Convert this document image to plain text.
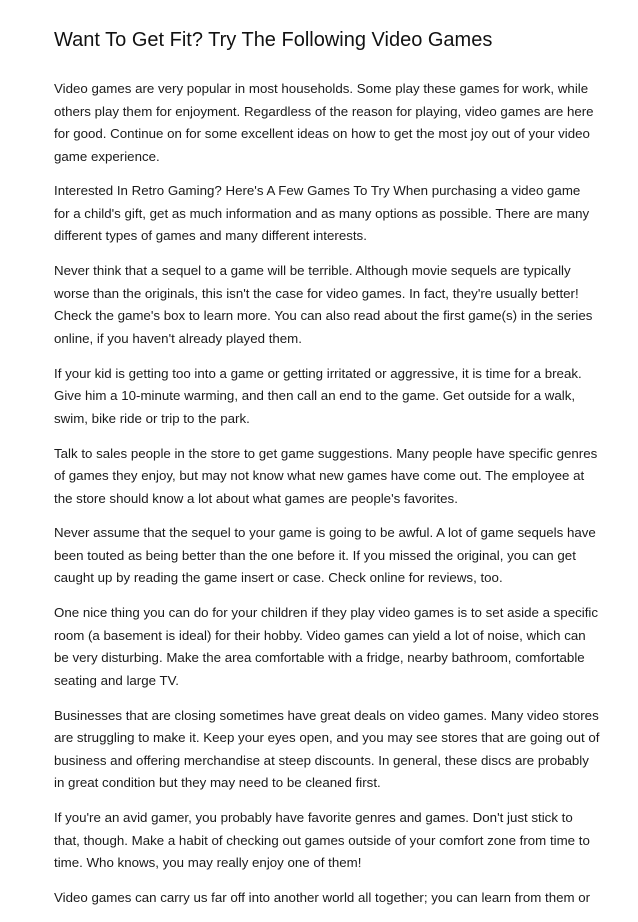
Want To Get Fit? Try The Following Video Games

Video games are very popular in most households. Some play these games for work, while
others play them for enjoyment. Regardless of the reason for playing, video games are here
for good. Continue on for some excellent ideas on how to get the most joy out of your video
game experience.

Interested In Retro Gaming? Here's A Few Games To Try When purchasing a video game
for a child's gift, get as much information and as many options as possible. There are many
different types of games and many different interests.

Never think that a sequel to a game will be terrible. Although movie sequels are typically
worse than the originals, this isn't the case for video games. In fact, they're usually better!
Check the game's box to learn more. You can also read about the first game(s) in the series
online, if you haven't already played them.

If your kid is getting too into a game or getting irritated or aggressive, it is time for a break.
Give him a 10-minute warming, and then call an end to the game. Get outside for a walk,
swim, bike ride or trip to the park.

Talk to sales people in the store to get game suggestions. Many people have specific genres
of games they enjoy, but may not know what new games have come out. The employee at
the store should know a lot about what games are people's favorites.

Never assume that the sequel to your game is going to be awful. A lot of game sequels have
been touted as being better than the one before it. If you missed the original, you can get
caught up by reading the game insert or case. Check online for reviews, too.

One nice thing you can do for your children if they play video games is to set aside a specific
room (a basement is ideal) for their hobby. Video games can yield a lot of noise, which can
be very disturbing. Make the area comfortable with a fridge, nearby bathroom, comfortable
seating and large TV.

Businesses that are closing sometimes have great deals on video games. Many video stores
are struggling to make it. Keep your eyes open, and you may see stores that are going out of
business and offering merchandise at steep discounts. In general, these discs are probably
in great condition but they may need to be cleaned first.

If you're an avid gamer, you probably have favorite genres and games. Don't just stick to
that, though. Make a habit of checking out games outside of your comfort zone from time to
time. Who knows, you may really enjoy one of them!

Video games can carry us far off into another world all together; you can learn from them or
